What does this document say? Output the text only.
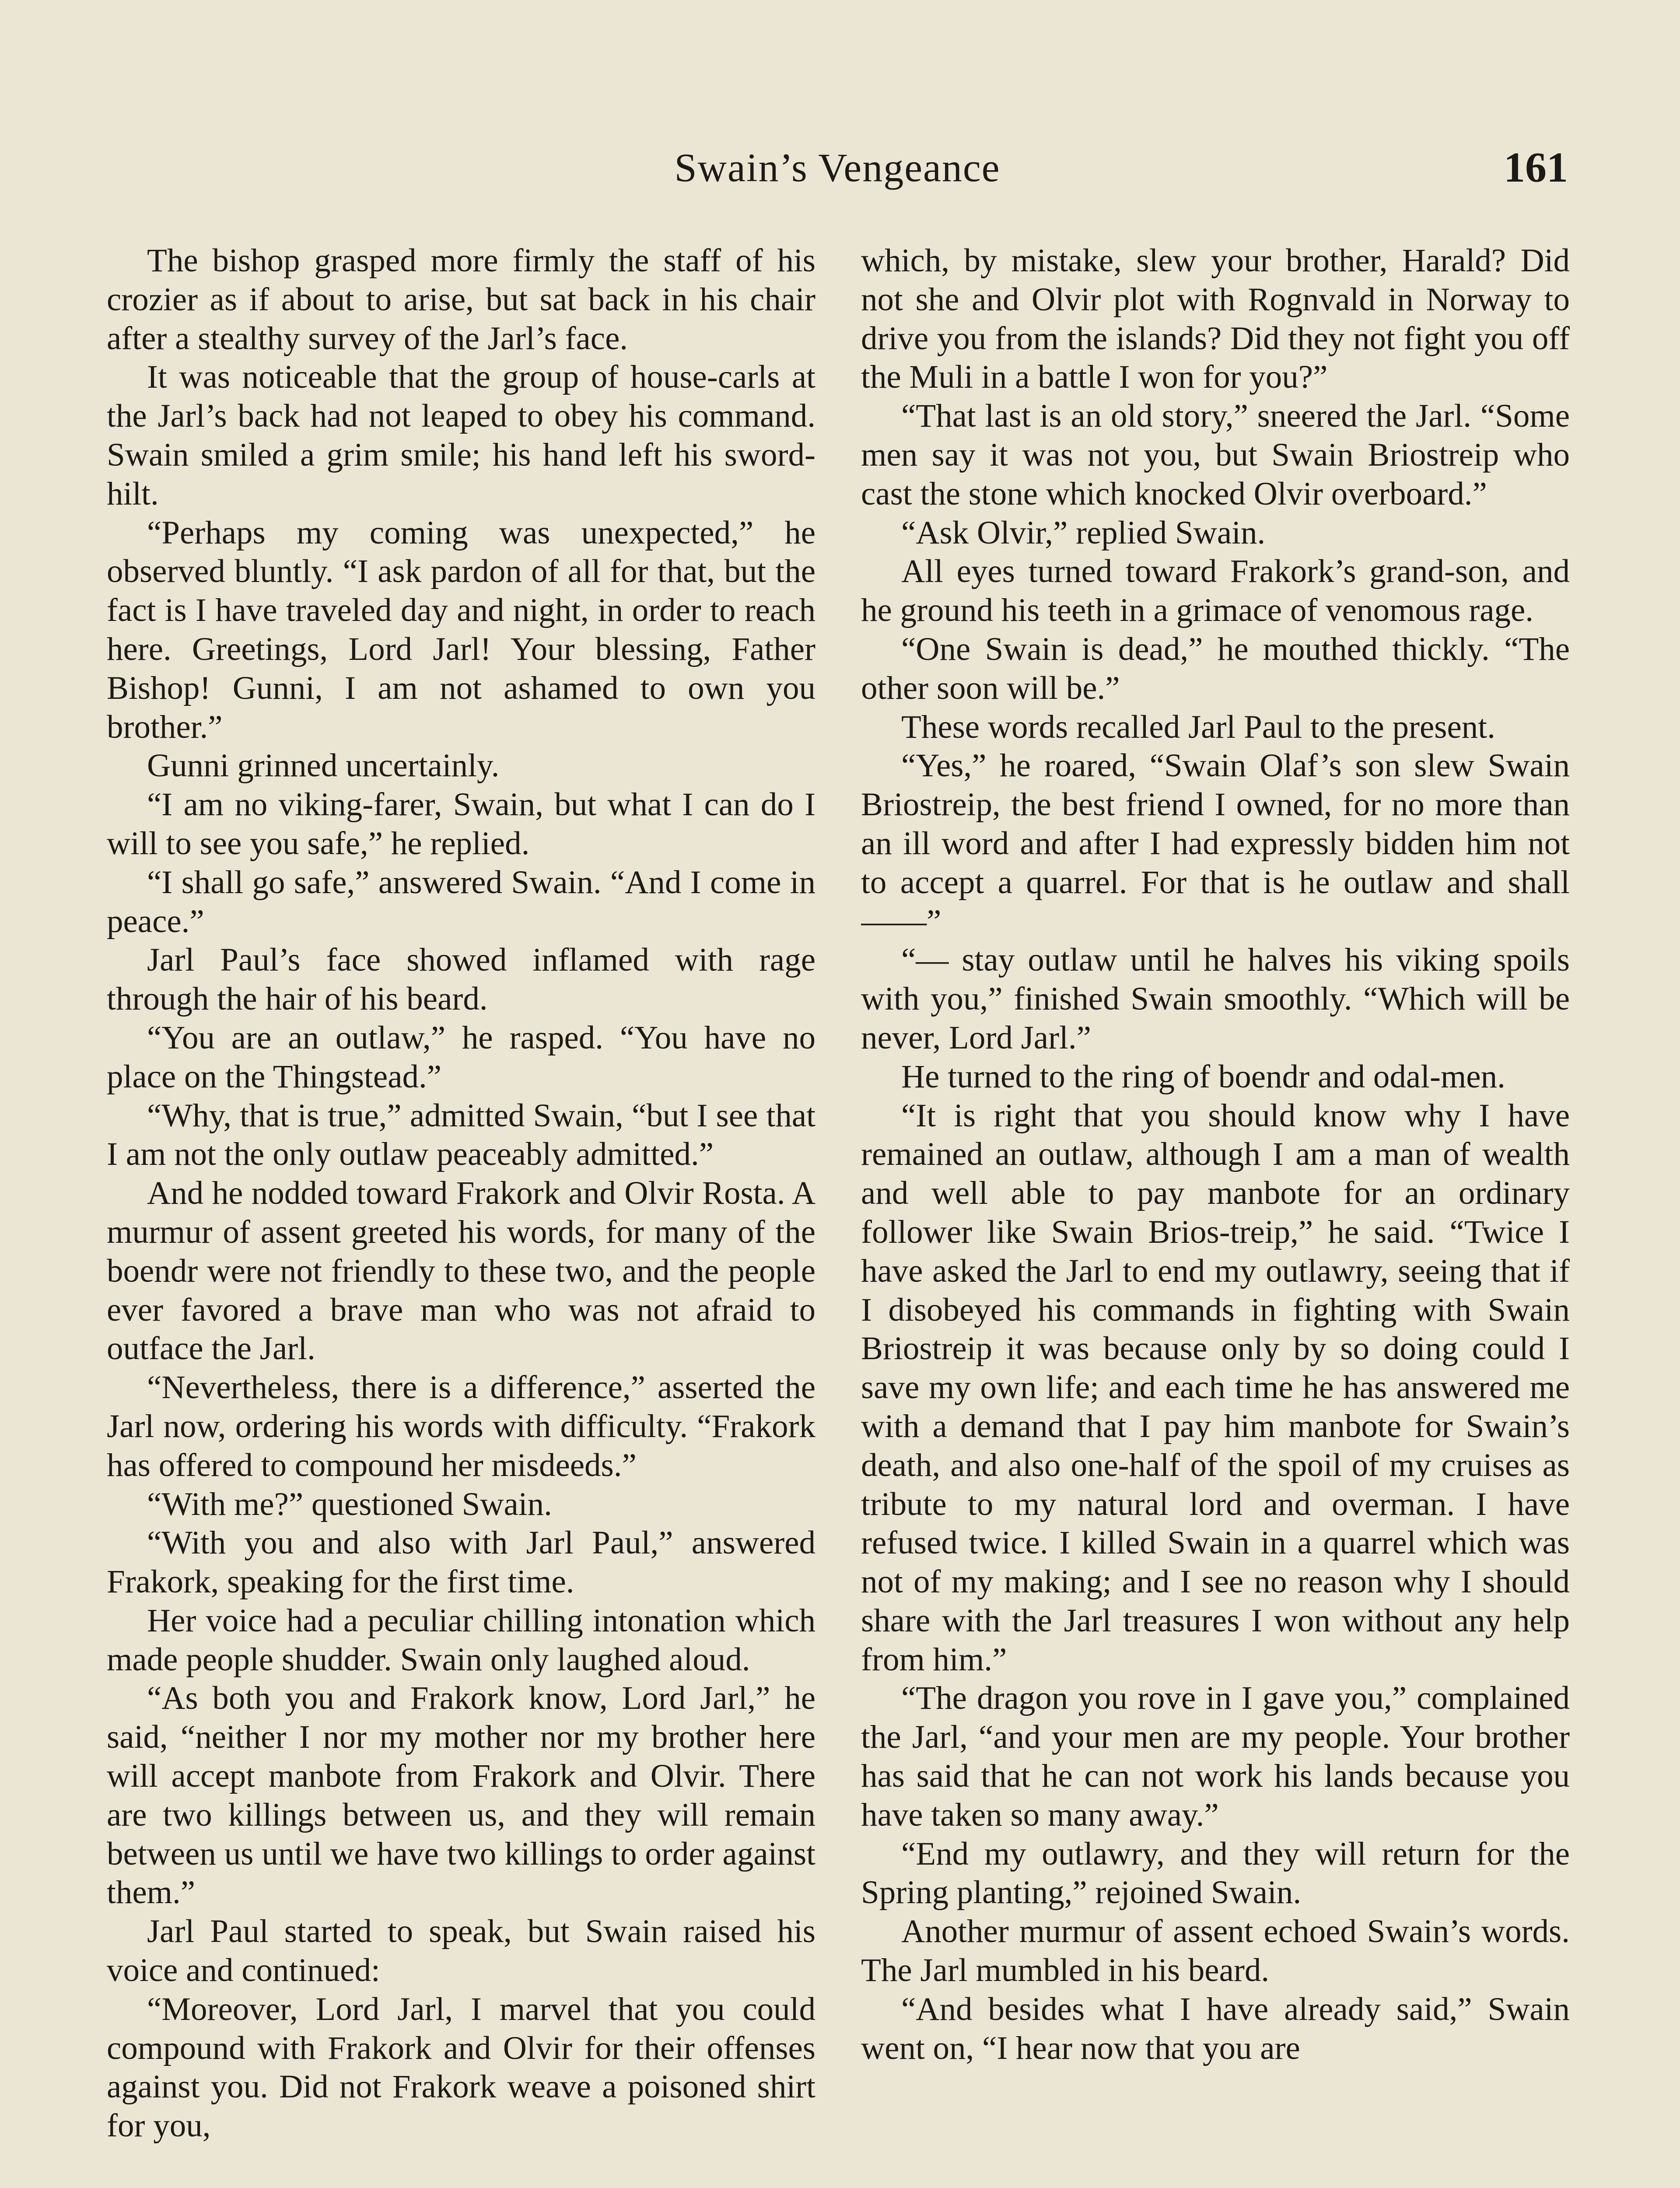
Swain’s Vengeance	161

The bishop grasped more firmly the staff of his crozier as if about to arise, but sat back in his chair after a stealthy survey of the Jarl’s face.

It was noticeable that the group of house-carls at the Jarl’s back had not leaped to obey his command. Swain smiled a grim smile; his hand left his sword-hilt.

“Perhaps my coming was unexpected,” he observed bluntly. “I ask pardon of all for that, but the fact is I have traveled day and night, in order to reach here. Greetings, Lord Jarl! Your blessing, Father Bishop! Gunni, I am not ashamed to own you brother.”

Gunni grinned uncertainly.

“I am no viking-farer, Swain, but what I can do I will to see you safe,” he replied.

“I shall go safe,” answered Swain. “And I come in peace.”

Jarl Paul’s face showed inflamed with rage through the hair of his beard.

“You are an outlaw,” he rasped. “You have no place on the Thingstead.”

“Why, that is true,” admitted Swain, “but I see that I am not the only outlaw peaceably admitted.”

And he nodded toward Frakork and Olvir Rosta. A murmur of assent greeted his words, for many of the boendr were not friendly to these two, and the people ever favored a brave man who was not afraid to outface the Jarl.

“Nevertheless, there is a difference,” asserted the Jarl now, ordering his words with difficulty. “Frakork has offered to compound her misdeeds.”

“With me?” questioned Swain.

“With you and also with Jarl Paul,” answered Frakork, speaking for the first time.

Her voice had a peculiar chilling intonation which made people shudder. Swain only laughed aloud.

“As both you and Frakork know, Lord Jarl,” he said, “neither I nor my mother nor my brother here will accept manbote from Frakork and Olvir. There are two killings between us, and they will remain between us until we have two killings to order against them.”

Jarl Paul started to speak, but Swain raised his voice and continued:

“Moreover, Lord Jarl, I marvel that you could compound with Frakork and Olvir for their offenses against you. Did not Frakork weave a poisoned shirt for you,

which, by mistake, slew your brother, Harald? Did not she and Olvir plot with Rognvald in Norway to drive you from the islands? Did they not fight you off the Muli in a battle I won for you?”

“That last is an old story,” sneered the Jarl. “Some men say it was not you, but Swain Briostreip who cast the stone which knocked Olvir overboard.”

“Ask Olvir,” replied Swain.

All eyes turned toward Frakork’s grand-son, and he ground his teeth in a grimace of venomous rage.

“One Swain is dead,” he mouthed thickly. “The other soon will be.”

These words recalled Jarl Paul to the present.

“Yes,” he roared, “Swain Olaf’s son slew Swain Briostreip, the best friend I owned, for no more than an ill word and after I had expressly bidden him not to accept a quarrel. For that is he outlaw and shall——”

“— stay outlaw until he halves his viking spoils with you,” finished Swain smoothly. “Which will be never, Lord Jarl.”

He turned to the ring of boendr and odal-men.

“It is right that you should know why I have remained an outlaw, although I am a man of wealth and well able to pay manbote for an ordinary follower like Swain Brios-treip,” he said. “Twice I have asked the Jarl to end my outlawry, seeing that if I disobeyed his commands in fighting with Swain Briostreip it was because only by so doing could I save my own life; and each time he has answered me with a demand that I pay him manbote for Swain’s death, and also one-half of the spoil of my cruises as tribute to my natural lord and overman. I have refused twice. I killed Swain in a quarrel which was not of my making; and I see no reason why I should share with the Jarl treasures I won without any help from him.”

“The dragon you rove in I gave you,” complained the Jarl, “and your men are my people. Your brother has said that he can not work his lands because you have taken so many away.”

“End my outlawry, and they will return for the Spring planting,” rejoined Swain.

Another murmur of assent echoed Swain’s words. The Jarl mumbled in his beard.

“And besides what I have already said,” Swain went on, “I hear now that you are
